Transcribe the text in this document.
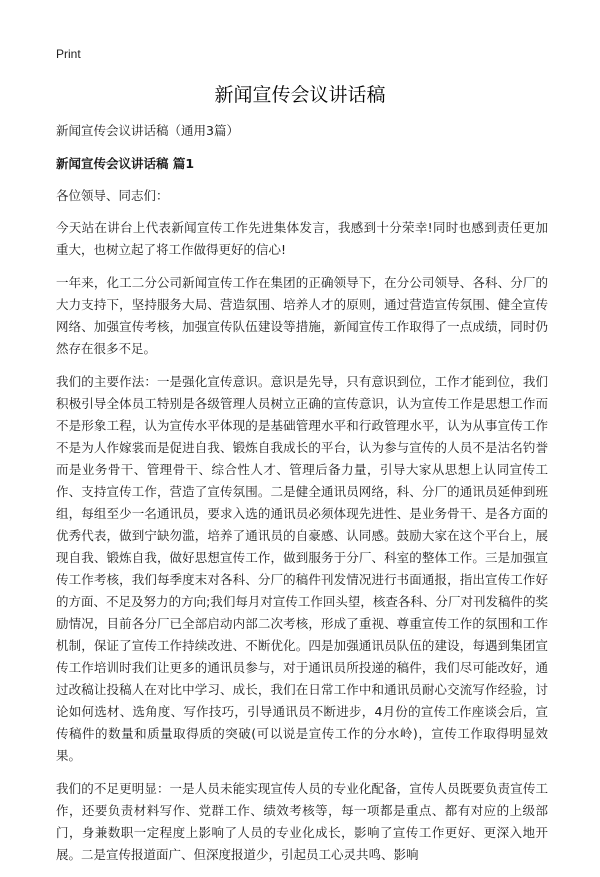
Print
新闻宣传会议讲话稿

新闻宣传会议讲话稿（通用3篇）

新闻宣传会议讲话稿 篇1

各位领导、同志们：

今天站在讲台上代表新闻宣传工作先进集体发言，我感到十分荣幸!同时也感到责任更加重大，也树立起了将工作做得更好的信心!

一年来，化工二分公司新闻宣传工作在集团的正确领导下，在分公司领导、各科、分厂的大力支持下，坚持服务大局、营造氛围、培养人才的原则，通过营造宣传氛围、健全宣传网络、加强宣传考核，加强宣传队伍建设等措施，新闻宣传工作取得了一点成绩，同时仍然存在很多不足。

我们的主要作法：一是强化宣传意识。意识是先导，只有意识到位，工作才能到位，我们积极引导全体员工特别是各级管理人员树立正确的宣传意识，认为宣传工作是思想工作而不是形象工程，认为宣传水平体现的是基础管理水平和行政管理水平，认为从事宣传工作不是为人作嫁裳而是促进自我、锻炼自我成长的平台，认为参与宣传的人员不是沽名钓誉而是业务骨干、管理骨干、综合性人才、管理后备力量，引导大家从思想上认同宣传工作、支持宣传工作，营造了宣传氛围。二是健全通讯员网络，科、分厂的通讯员延伸到班组，每组至少一名通讯员，要求入选的通讯员必须体现先进性、是业务骨干、是各方面的优秀代表，做到宁缺勿滥，培养了通讯员的自豪感、认同感。鼓励大家在这个平台上，展现自我、锻炼自我，做好思想宣传工作，做到服务于分厂、科室的整体工作。三是加强宣传工作考核，我们每季度末对各科、分厂的稿件刊发情况进行书面通报，指出宣传工作好的方面、不足及努力的方向;我们每月对宣传工作回头望，核查各科、分厂对刊发稿件的奖励情况，目前各分厂已全部启动内部二次考核，形成了重视、尊重宣传工作的氛围和工作机制，保证了宣传工作持续改进、不断优化。四是加强通讯员队伍的建设，每遇到集团宣传工作培训时我们让更多的通讯员参与，对于通讯员所投递的稿件，我们尽可能改好，通过改稿让投稿人在对比中学习、成长，我们在日常工作中和通讯员耐心交流写作经验，讨论如何选材、选角度、写作技巧，引导通讯员不断进步，4月份的宣传工作座谈会后，宣传稿件的数量和质量取得质的突破(可以说是宣传工作的分水岭)，宣传工作取得明显效果。

我们的不足更明显：一是人员未能实现宣传人员的专业化配备，宣传人员既要负责宣传工作，还要负责材料写作、党群工作、绩效考核等，每一项都是重点、都有对应的上级部门，身兼数职一定程度上影响了人员的专业化成长，影响了宣传工作更好、更深入地开展。二是宣传报道面广、但深度报道少，引起员工心灵共鸣、影响
